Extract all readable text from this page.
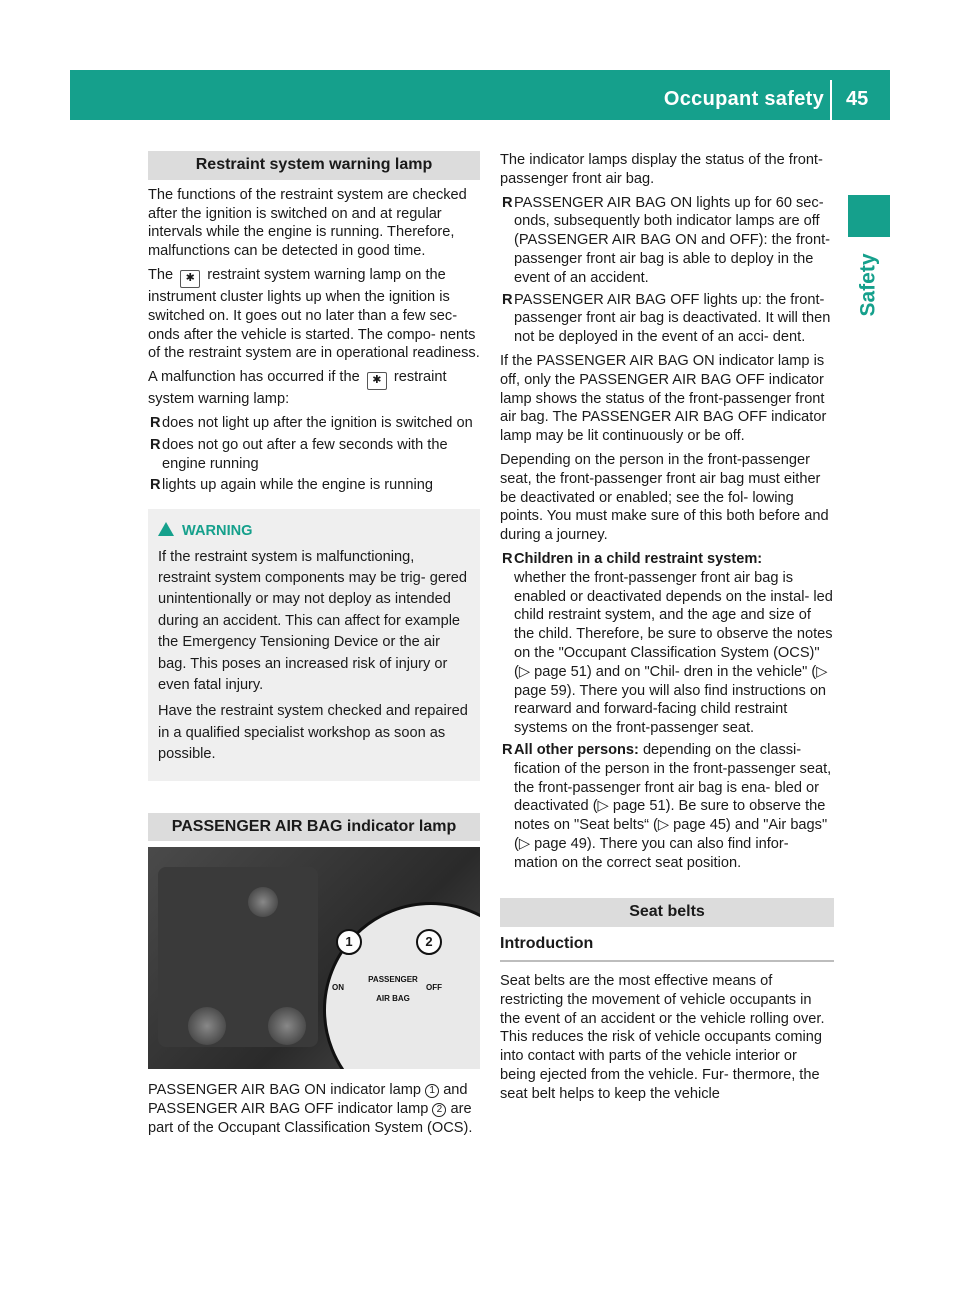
Occupant safety 45
Safety
Restraint system warning lamp

The functions of the restraint system are checked after the ignition is switched on and at regular intervals while the engine is running. Therefore, malfunctions can be detected in good time.

The ✱ restraint system warning lamp on the instrument cluster lights up when the ignition is switched on. It goes out no later than a few sec- onds after the vehicle is started. The compo- nents of the restraint system are in operational readiness.

A malfunction has occurred if the ✱ restraint system warning lamp:

R does not light up after the ignition is switched on
R does not go out after a few seconds with the engine running
R lights up again while the engine is running
WARNING

If the restraint system is malfunctioning, restraint system components may be trig- gered unintentionally or may not deploy as intended during an accident. This can affect for example the Emergency Tensioning Device or the air bag. This poses an increased risk of injury or even fatal injury.

Have the restraint system checked and repaired in a qualified specialist workshop as soon as possible.

PASSENGER AIR BAG indicator lamp
1	2
ON
PASSENGER AIR BAG
OFF

PASSENGER AIR BAG ON indicator lamp 1 and PASSENGER AIR BAG OFF indicator lamp 2 are part of the Occupant Classification System (OCS).

The indicator lamps display the status of the front-passenger front air bag.

R PASSENGER AIR BAG ON lights up for 60 sec- onds, subsequently both indicator lamps are off (PASSENGER AIR BAG ON and OFF): the front-passenger front air bag is able to deploy in the event of an accident.
R PASSENGER AIR BAG OFF lights up: the front- passenger front air bag is deactivated. It will then not be deployed in the event of an acci- dent.

If the PASSENGER AIR BAG ON indicator lamp is off, only the PASSENGER AIR BAG OFF indicator lamp shows the status of the front-passenger front air bag. The PASSENGER AIR BAG OFF indicator lamp may be lit continuously or be off.

Depending on the person in the front-passenger seat, the front-passenger front air bag must either be deactivated or enabled; see the fol- lowing points. You must make sure of this both before and during a journey.

R Children in a child restraint system:
whether the front-passenger front air bag is enabled or deactivated depends on the instal- led child restraint system, and the age and size of the child. Therefore, be sure to observe the notes on the "Occupant Classification System (OCS)" (▷ page 51) and on "Chil- dren in the vehicle" (▷ page 59). There you will also find instructions on rearward and forward-facing child restraint systems on the front-passenger seat.
R All other persons: depending on the classi- fication of the person in the front-passenger seat, the front-passenger front air bag is ena- bled or deactivated (▷ page 51). Be sure to observe the notes on "Seat belts“ (▷ page 45) and "Air bags" (▷ page 49). There you can also find infor- mation on the correct seat position.
Seat belts
Introduction

Seat belts are the most effective means of restricting the movement of vehicle occupants in the event of an accident or the vehicle rolling over. This reduces the risk of vehicle occupants coming into contact with parts of the vehicle interior or being ejected from the vehicle. Fur- thermore, the seat belt helps to keep the vehicle
